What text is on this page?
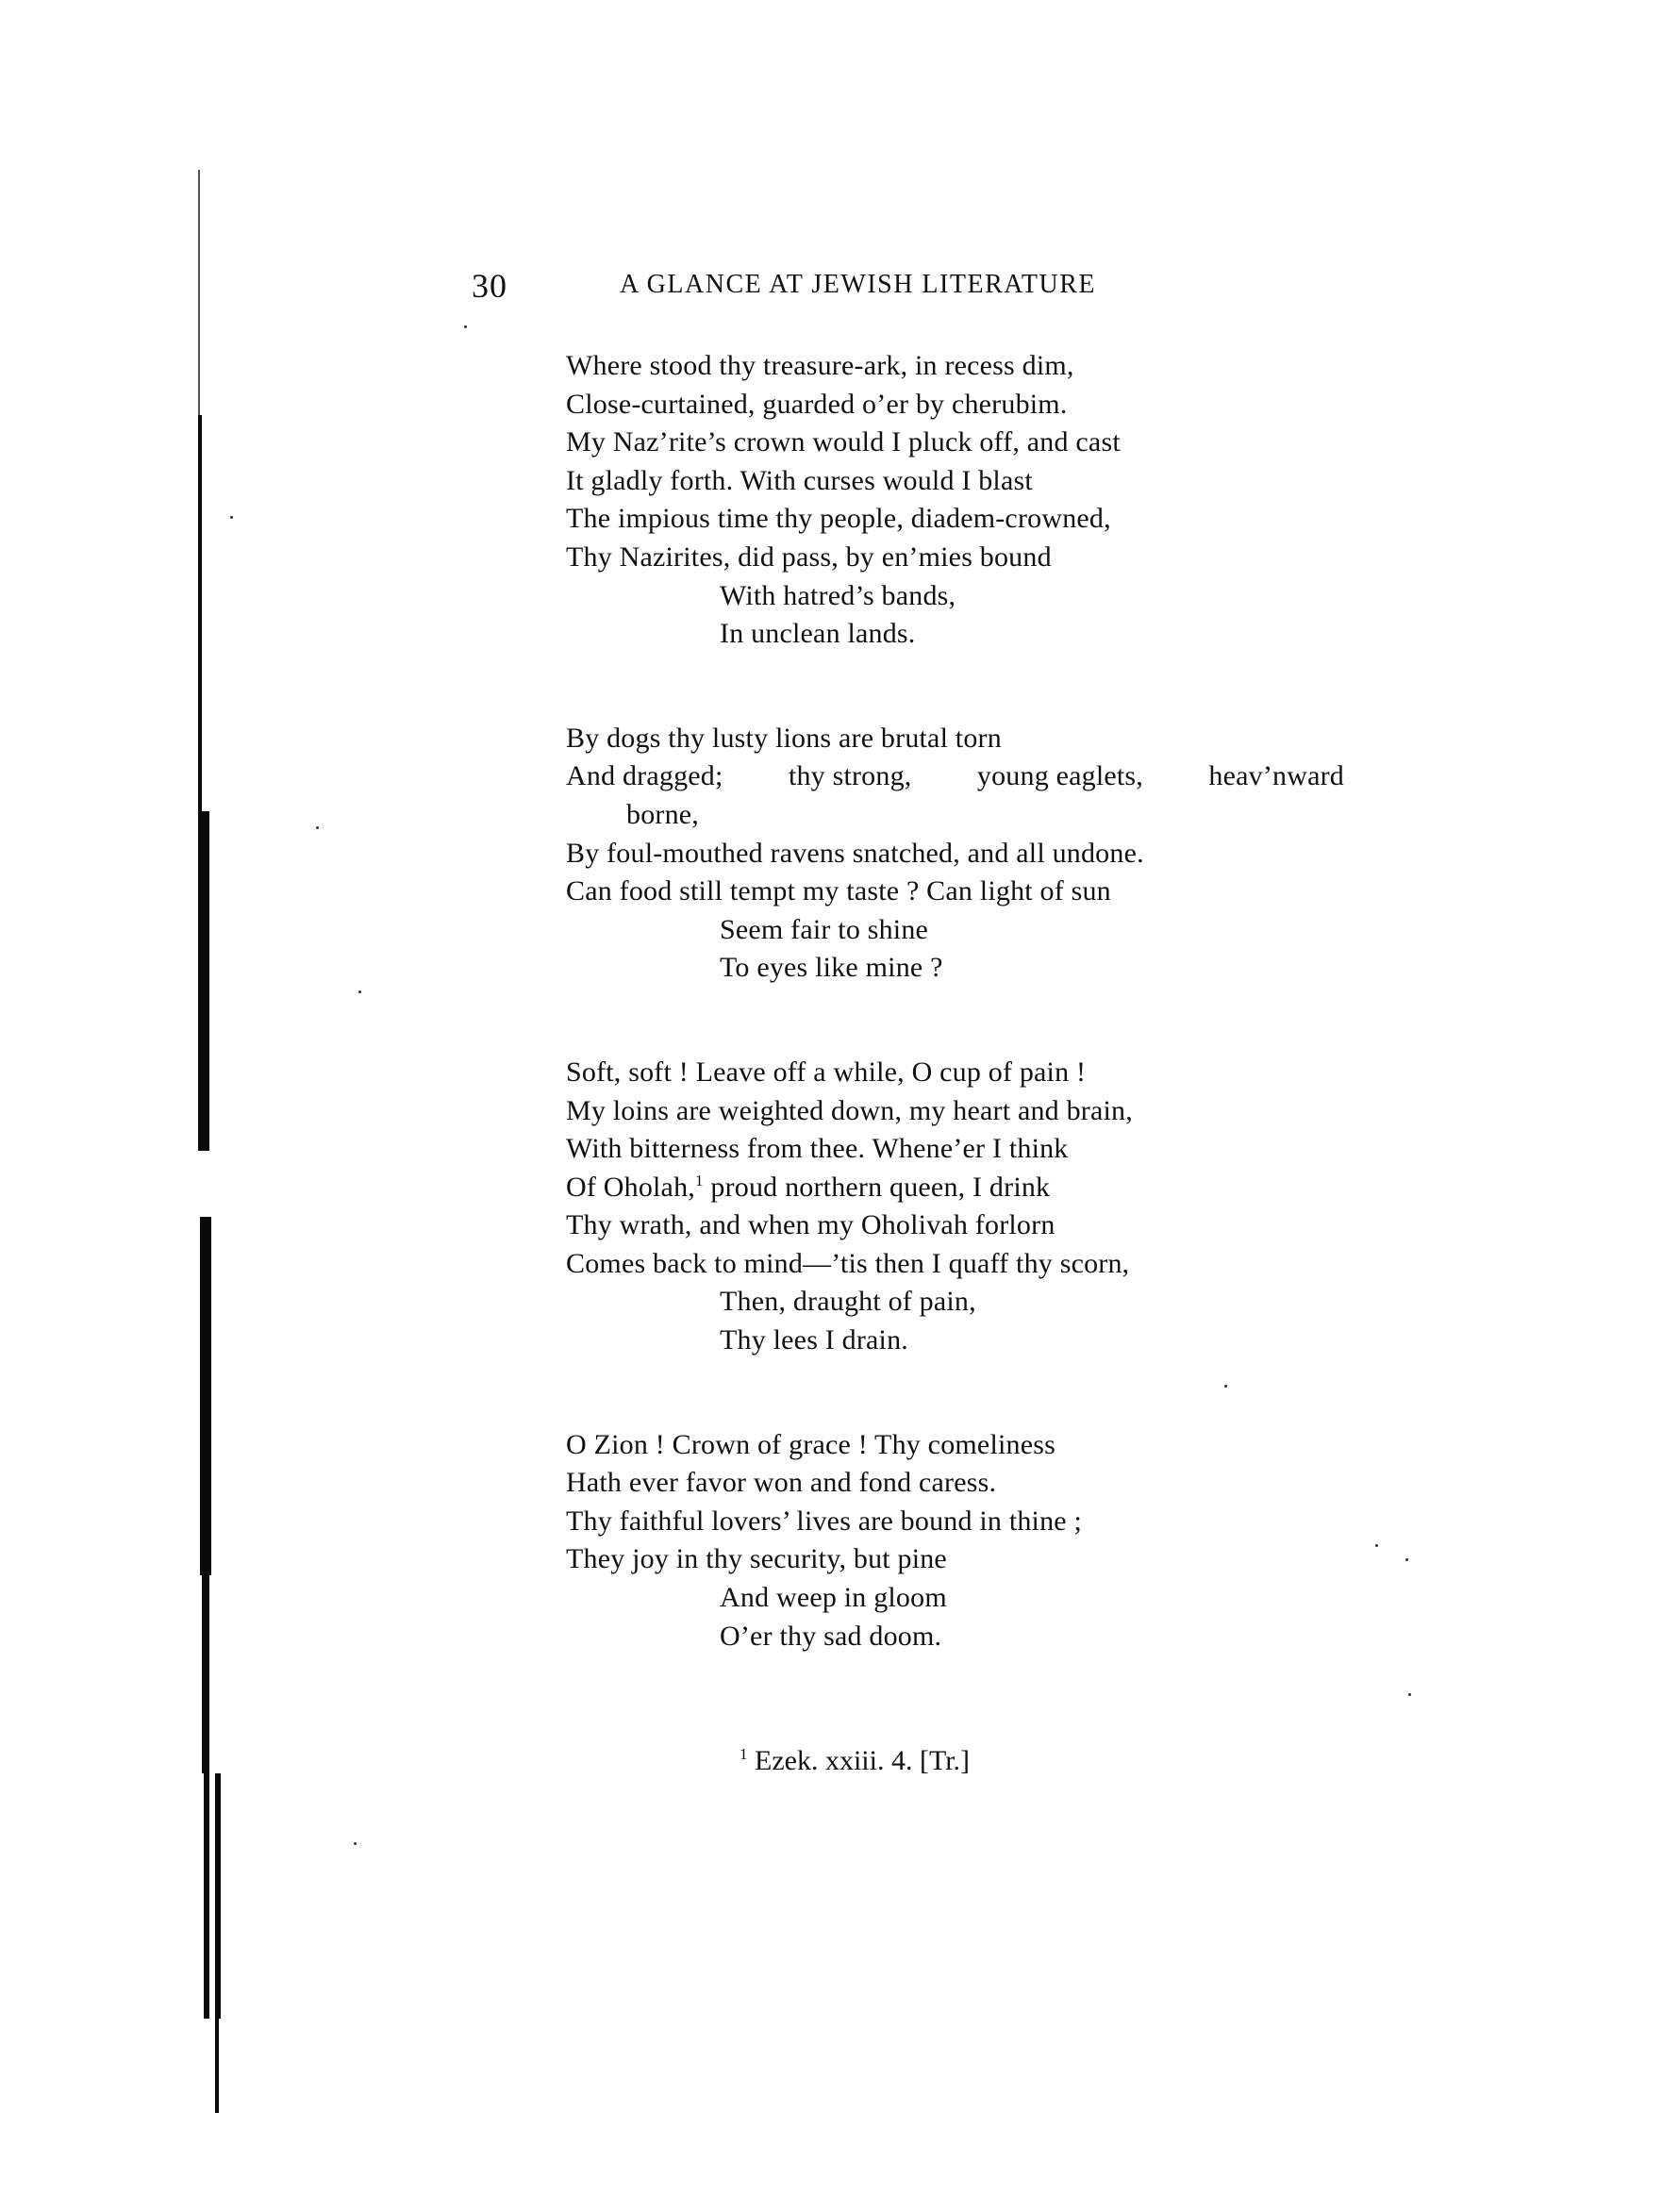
30	A GLANCE AT JEWISH LITERATURE
Where stood thy treasure-ark, in recess dim,
Close-curtained, guarded o’er by cherubim.
My Naz’rite’s crown would I pluck off, and cast
It gladly forth. With curses would I blast
The impious time thy people, diadem-crowned,
Thy Nazirites, did pass, by en’mies bound
With hatred’s bands,
In unclean lands.
By dogs thy lusty lions are brutal torn
And dragged; thy strong, young eaglets, heav’nward
borne,
By foul-mouthed ravens snatched, and all undone.
Can food still tempt my taste ? Can light of sun
Seem fair to shine
To eyes like mine ?
Soft, soft ! Leave off a while, O cup of pain !
My loins are weighted down, my heart and brain,
With bitterness from thee. Whene’er I think
Of Oholah,$^1$ proud northern queen, I drink
Thy wrath, and when my Oholivah forlorn
Comes back to mind—’tis then I quaff thy scorn,
Then, draught of pain,
Thy lees I drain.
O Zion ! Crown of grace ! Thy comeliness
Hath ever favor won and fond caress.
Thy faithful lovers’ lives are bound in thine ;
They joy in thy security, but pine
And weep in gloom
O’er thy sad doom.
$^1$ Ezek. xxiii. 4. [Tr.]
